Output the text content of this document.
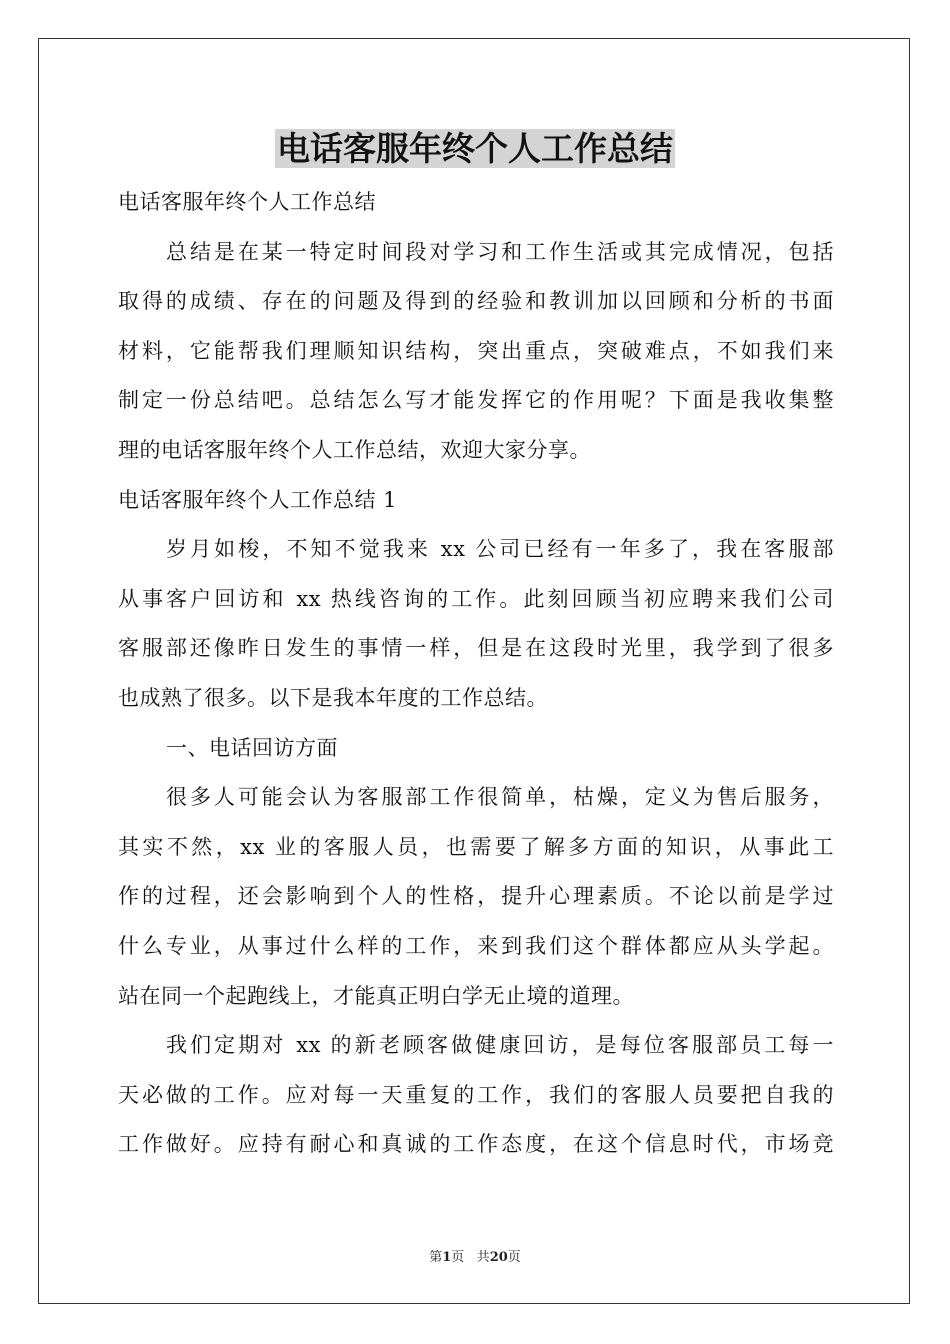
电话客服年终个人工作总结
电话客服年终个人工作总结
总结是在某一特定时间段对学习和工作生活或其完成情况，包括
取得的成绩、存在的问题及得到的经验和教训加以回顾和分析的书面
材料，它能帮我们理顺知识结构，突出重点，突破难点，不如我们来
制定一份总结吧。总结怎么写才能发挥它的作用呢？下面是我收集整
理的电话客服年终个人工作总结，欢迎大家分享。
电话客服年终个人工作总结 1
岁月如梭，不知不觉我来 xx 公司已经有一年多了，我在客服部
从事客户回访和 xx 热线咨询的工作。此刻回顾当初应聘来我们公司
客服部还像昨日发生的事情一样，但是在这段时光里，我学到了很多
也成熟了很多。以下是我本年度的工作总结。
一、电话回访方面
很多人可能会认为客服部工作很简单，枯燥，定义为售后服务，
其实不然，xx 业的客服人员，也需要了解多方面的知识，从事此工
作的过程，还会影响到个人的性格，提升心理素质。不论以前是学过
什么专业，从事过什么样的工作，来到我们这个群体都应从头学起。
站在同一个起跑线上，才能真正明白学无止境的道理。
我们定期对 xx 的新老顾客做健康回访，是每位客服部员工每一
天必做的工作。应对每一天重复的工作，我们的客服人员要把自我的
工作做好。应持有耐心和真诚的工作态度，在这个信息时代，市场竞
第1页 共20页
